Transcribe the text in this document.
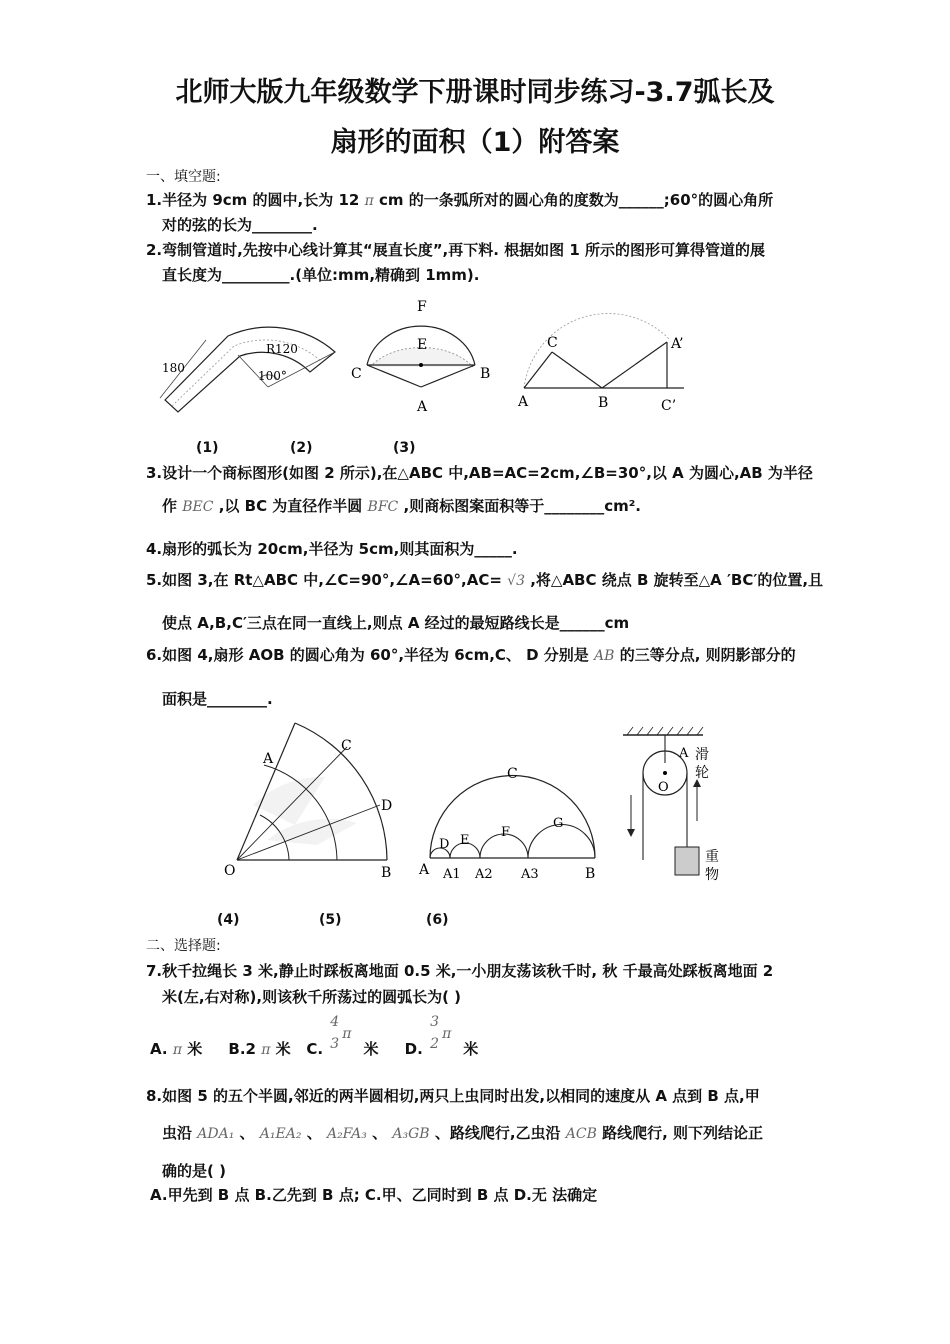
北师大版九年级数学下册课时同步练习-3.7弧长及
扇形的面积（1）附答案
一、填空题:
1.半径为 9cm 的圆中,长为 12 π cm 的一条弧所对的圆心角的度数为______;60°的圆心角所
对的弦的长为________.
2.弯制管道时,先按中心线计算其“展直长度”,再下料. 根据如图 1 所示的图形可算得管道的展
直长度为_________.(单位:mm,精确到 1mm).
180
R120
100°
F
E
C	B
A	A	B
C	A’
C’
(1)	(2)	(3)
3.设计一个商标图形(如图 2 所示),在△ABC 中,AB=AC=2cm,∠B=30°,以 A 为圆心,AB 为半径
作 BEC ,以 BC 为直径作半圆 BFC ,则商标图案面积等于________cm².
4.扇形的弧长为 20cm,半径为 5cm,则其面积为_____.
5.如图 3,在 Rt△ABC 中,∠C=90°,∠A=60°,AC= √3 ,将△ABC 绕点 B 旋转至△A ′BC′的位置,且
使点 A,B,C′三点在同一直线上,则点 A 经过的最短路线长是______cm
6.如图 4,扇形 AOB 的圆心角为 60°,半径为 6cm,C、 D 分别是 AB 的三等分点, 则阴影部分的
面积是________.
A
C
D
O	B
C
D E
F
G
A A1 A2 A3	B
A
O
滑
轮
重
物
(4)	(5)	(6)
二、选择题:
7.秋千拉绳长 3 米,静止时踩板离地面 0.5 米,一小朋友荡该秋千时, 秋 千最高处踩板离地面 2
米(左,右对称),则该秋千所荡过的圆弧长为( )
A. π 米 B.2 π 米 C.
4
3
π
米 D.
3
2
π
米
8.如图 5 的五个半圆,邻近的两半圆相切,两只上虫同时出发,以相同的速度从 A 点到 B 点,甲
虫沿 ADA₁ 、 A₁EA₂ 、 A₂FA₃ 、 A₃GB 、路线爬行,乙虫沿 ACB 路线爬行, 则下列结论正
确的是( )
A.甲先到 B 点 B.乙先到 B 点; C.甲、乙同时到 B 点 D.无 法确定
